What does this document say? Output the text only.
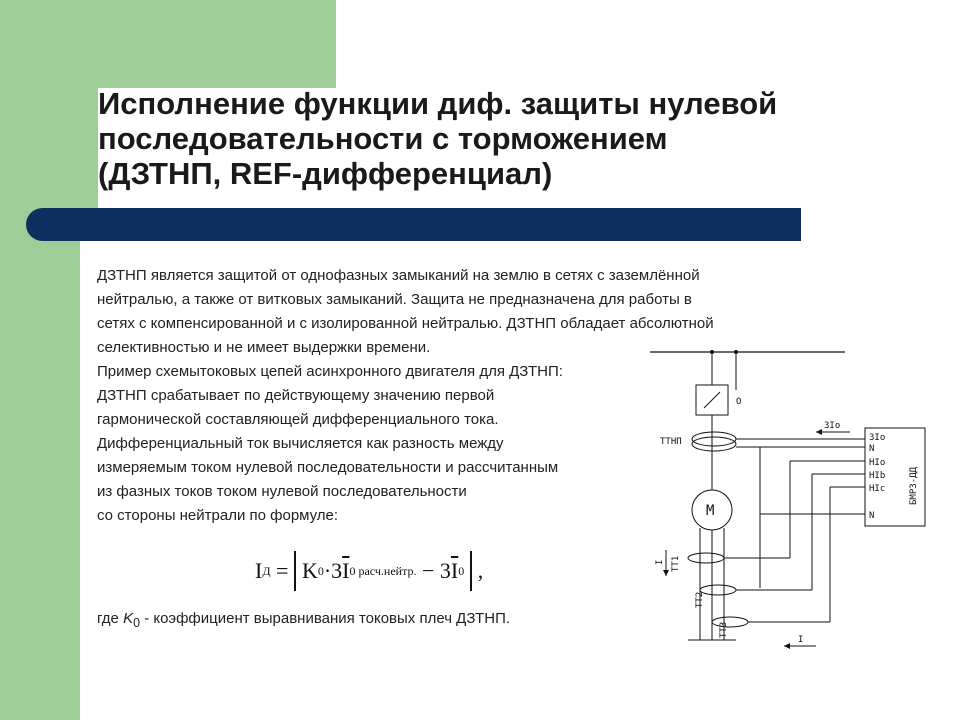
Исполнение функции диф. защиты нулевой
последовательности с торможением
(ДЗТНП, REF-дифференциал)

ДЗТНП является защитой от однофазных замыканий на землю в сетях с заземлённой

нейтралью, а также от витковых замыканий. Защита не предназначена для работы в

сетях с компенсированной и с изолированной нейтралью. ДЗТНП обладает абсолютной

селективностью и не имеет выдержки времени.

Пример схемытоковых цепей асинхронного двигателя для ДЗТНП:

ДЗТНП срабатывает по действующему значению первой

гармонической составляющей дифференциального тока.

Дифференциальный ток вычисляется как разность между

измеряемым током нулевой последовательности и рассчитанным

из фазных токов током нулевой последовательности

со стороны нейтрали по формуле:

I Д
= K 0 ·3 $\overline{I}$ 0 расч.нейтр.
− 3 $\overline{I}$ 0 ,
где $K_0$ - коэффициент выравнивания токовых плеч ДЗТНП.
О
ТТНП
М
ТТ1
ТТ2
ТТ3
3Io
N
HIo
HIb
HIc
N
БМРЗ-ДД
3Io
I
I
